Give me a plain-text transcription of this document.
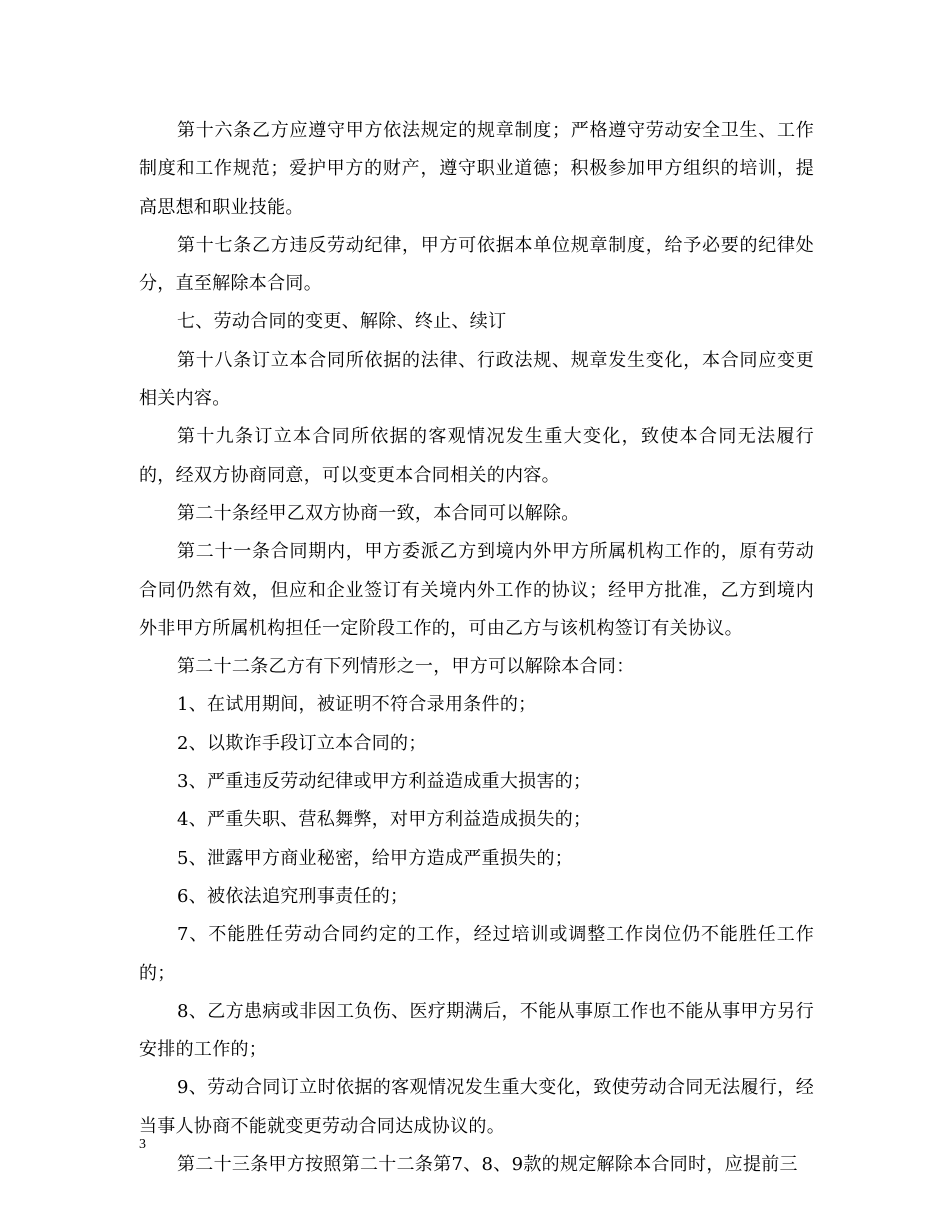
第十六条乙方应遵守甲方依法规定的规章制度；严格遵守劳动安全卫生、工作制度和工作规范；爱护甲方的财产，遵守职业道德；积极参加甲方组织的培训，提高思想和职业技能。

第十七条乙方违反劳动纪律，甲方可依据本单位规章制度，给予必要的纪律处分，直至解除本合同。

七、劳动合同的变更、解除、终止、续订

第十八条订立本合同所依据的法律、行政法规、规章发生变化，本合同应变更相关内容。

第十九条订立本合同所依据的客观情况发生重大变化，致使本合同无法履行的，经双方协商同意，可以变更本合同相关的内容。

第二十条经甲乙双方协商一致，本合同可以解除。

第二十一条合同期内，甲方委派乙方到境内外甲方所属机构工作的，原有劳动合同仍然有效，但应和企业签订有关境内外工作的协议；经甲方批准，乙方到境内外非甲方所属机构担任一定阶段工作的，可由乙方与该机构签订有关协议。

第二十二条乙方有下列情形之一，甲方可以解除本合同：

1、在试用期间，被证明不符合录用条件的；

2、以欺诈手段订立本合同的；

3、严重违反劳动纪律或甲方利益造成重大损害的；

4、严重失职、营私舞弊，对甲方利益造成损失的；

5、泄露甲方商业秘密，给甲方造成严重损失的；

6、被依法追究刑事责任的；

7、不能胜任劳动合同约定的工作，经过培训或调整工作岗位仍不能胜任工作的；

8、乙方患病或非因工负伤、医疗期满后，不能从事原工作也不能从事甲方另行安排的工作的；

9、劳动合同订立时依据的客观情况发生重大变化，致使劳动合同无法履行，经当事人协商不能就变更劳动合同达成协议的。

第二十三条甲方按照第二十二条第7、8、9款的规定解除本合同时，应提前三

3
